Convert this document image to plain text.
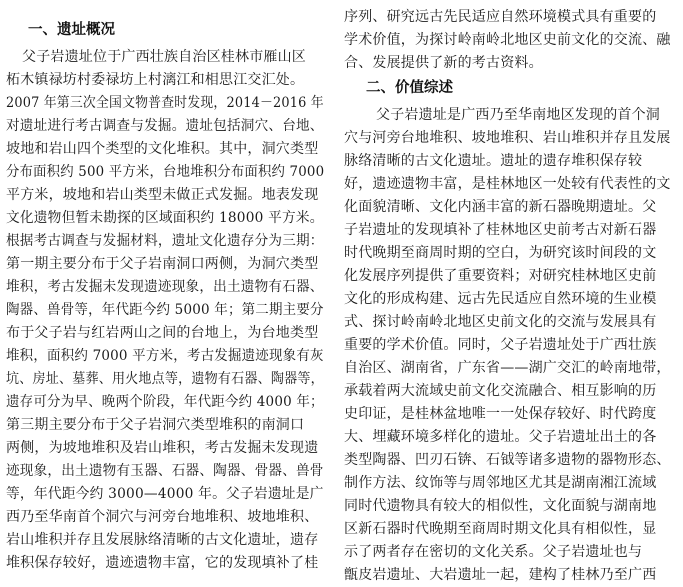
一、遗址概况
父子岩遗址位于广西壮族自治区桂林市雁山区
柘木镇禄坊村委禄坊上村漓江和相思江交汇处。
2007 年第三次全国文物普查时发现，2014－2016 年
对遗址进行考古调查与发掘。遗址包括洞穴、台地、
坡地和岩山四个类型的文化堆积。其中，洞穴类型
分布面积约 500 平方米，台地堆积分布面积约 7000
平方米，坡地和岩山类型未做正式发掘。地表发现
文化遗物但暂未勘探的区域面积约 18000 平方米。
根据考古调查与发掘材料，遗址文化遗存分为三期：
第一期主要分布于父子岩南洞口两侧，为洞穴类型
堆积，考古发掘未发现遗迹现象，出土遗物有石器、
陶器、兽骨等，年代距今约 5000 年；第二期主要分
布于父子岩与红岩两山之间的台地上，为台地类型
堆积，面积约 7000 平方米，考古发掘遗迹现象有灰
坑、房址、墓葬、用火地点等，遗物有石器、陶器等，
遗存可分为早、晚两个阶段，年代距今约 4000 年；
第三期主要分布于父子岩洞穴类型堆积的南洞口
两侧，为坡地堆积及岩山堆积，考古发掘未发现遗
迹现象，出土遗物有玉器、石器、陶器、骨器、兽骨
等，年代距今约 3000—4000 年。父子岩遗址是广
西乃至华南首个洞穴与河旁台地堆积、坡地堆积、
岩山堆积并存且发展脉络清晰的古文化遗址，遗存
堆积保存较好，遗迹遗物丰富，它的发现填补了桂
序列、研究远古先民适应自然环境模式具有重要的
学术价值，为探讨岭南岭北地区史前文化的交流、融
合、发展提供了新的考古资料。
二、价值综述
父子岩遗址是广西乃至华南地区发现的首个洞
穴与河旁台地堆积、坡地堆积、岩山堆积并存且发展
脉络清晰的古文化遗址。遗址的遗存堆积保存较
好，遗迹遗物丰富，是桂林地区一处较有代表性的文
化面貌清晰、文化内涵丰富的新石器晚期遗址。父
子岩遗址的发现填补了桂林地区史前考古对新石器
时代晚期至商周时期的空白，为研究该时间段的文
化发展序列提供了重要资料；对研究桂林地区史前
文化的形成构建、远古先民适应自然环境的生业模
式、探讨岭南岭北地区史前文化的交流与发展具有
重要的学术价值。同时，父子岩遗址处于广西壮族
自治区、湖南省，广东省——湖广交汇的岭南地带，
承载着两大流域史前文化交流融合、相互影响的历
史印证，是桂林盆地唯一一处保存较好、时代跨度
大、埋藏环境多样化的遗址。父子岩遗址出土的各
类型陶器、凹刃石锛、石钺等诸多遗物的器物形态、
制作方法、纹饰等与周邻地区尤其是湖南湘江流域
同时代遗物具有较大的相似性，文化面貌与湖南地
区新石器时代晚期至商周时期文化具有相似性，显
示了两者存在密切的文化关系。父子岩遗址也与
甑皮岩遗址、大岩遗址一起，建构了桂林乃至广西
